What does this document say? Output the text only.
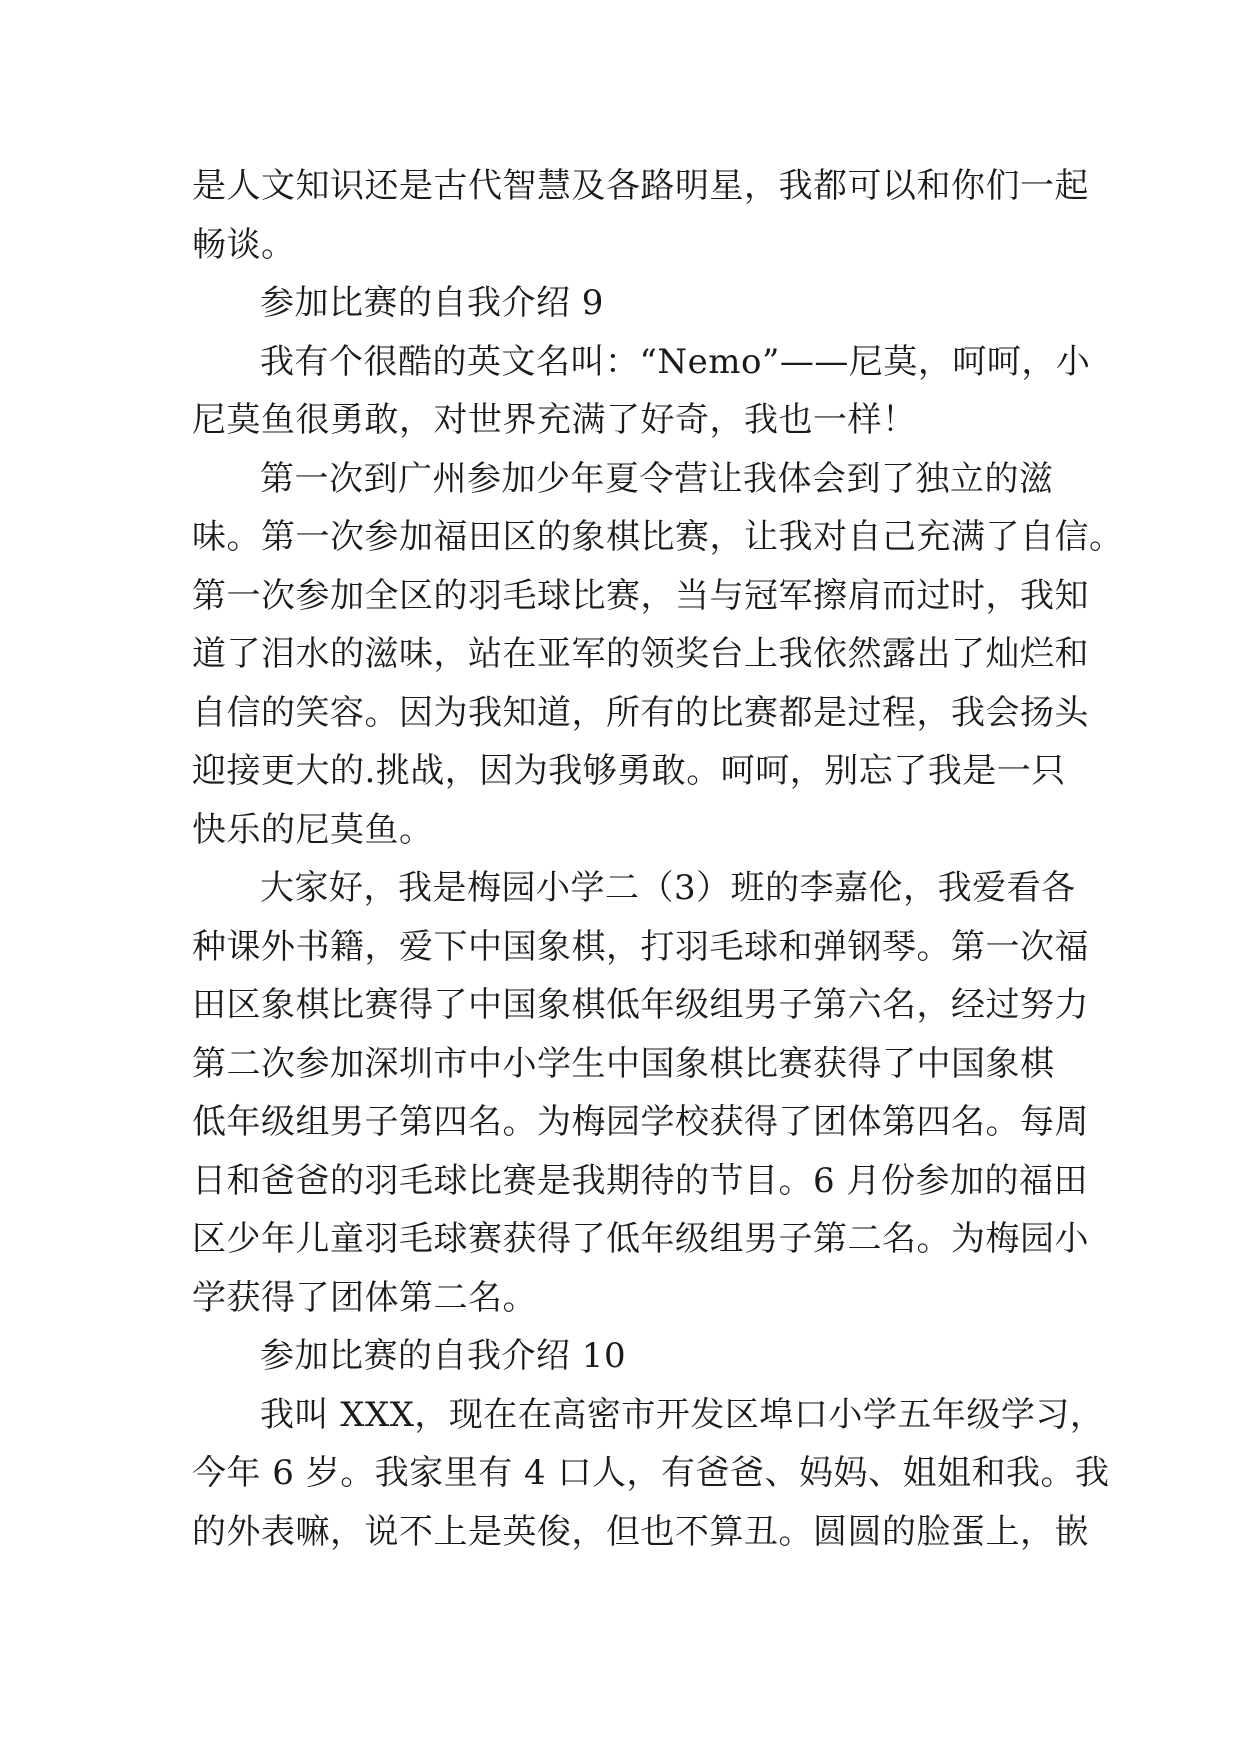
是人文知识还是古代智慧及各路明星，我都可以和你们一起
畅谈。
参加比赛的自我介绍 9
我有个很酷的英文名叫：“Nemo”——尼莫，呵呵，小
尼莫鱼很勇敢，对世界充满了好奇，我也一样！
第一次到广州参加少年夏令营让我体会到了独立的滋
味。第一次参加福田区的象棋比赛，让我对自己充满了自信。
第一次参加全区的羽毛球比赛，当与冠军擦肩而过时，我知
道了泪水的滋味，站在亚军的领奖台上我依然露出了灿烂和
自信的笑容。因为我知道，所有的比赛都是过程，我会扬头
迎接更大的.挑战，因为我够勇敢。呵呵，别忘了我是一只
快乐的尼莫鱼。
大家好，我是梅园小学二（3）班的李嘉伦，我爱看各
种课外书籍，爱下中国象棋，打羽毛球和弹钢琴。第一次福
田区象棋比赛得了中国象棋低年级组男子第六名，经过努力
第二次参加深圳市中小学生中国象棋比赛获得了中国象棋
低年级组男子第四名。为梅园学校获得了团体第四名。每周
日和爸爸的羽毛球比赛是我期待的节目。6 月份参加的福田
区少年儿童羽毛球赛获得了低年级组男子第二名。为梅园小
学获得了团体第二名。
参加比赛的自我介绍 10
我叫 XXX，现在在高密市开发区埠口小学五年级学习，
今年 6 岁。我家里有 4 口人，有爸爸、妈妈、姐姐和我。我
的外表嘛，说不上是英俊，但也不算丑。圆圆的脸蛋上，嵌
